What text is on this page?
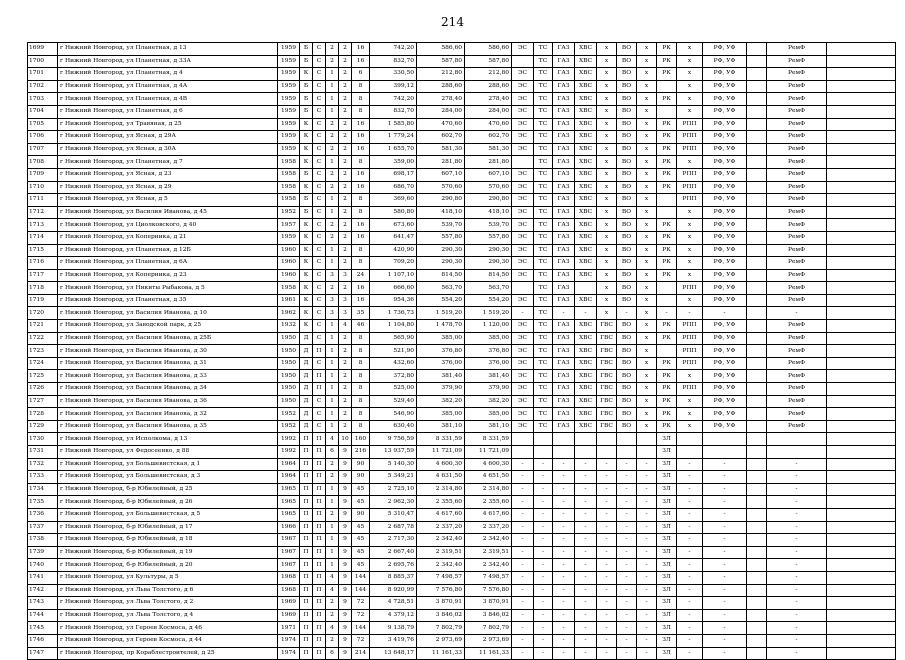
214
1699	г Нижний Новгород, ул Планетная, д 13	1959	Б	С	2	2	16	742,20	586,60	586,60	ЭС	ТС	ГАЗ	ХВС	х	ВО	х	РК	х	РФ, УФ		РемФ	
1700	г Нижний Новгород, ул Планетная, д 33А	1959	Б	С	2	2	16	832,70	587,80	587,80		ТС	ГАЗ	ХВС	х	ВО	х	РК	х	РФ, УФ		РемФ	
1701	г Нижний Новгород, ул Планетная, д 4	1959	К	С	1	2	6	330,50	212,80	212,80	ЭС	ТС	ГАЗ	ХВС	х	ВО	х	РК	х	РФ, УФ		РемФ	
1702	г Нижний Новгород, ул Планетная, д 4А	1959	Б	С	1	2	8	399,12	288,60	288,60	ЭС	ТС	ГАЗ	ХВС	х	ВО	х		х	РФ, УФ		РемФ	
1703	г Нижний Новгород, ул Планетная, д 4В	1959	Б	С	1	2	8	742,20	278,40	278,40	ЭС	ТС	ГАЗ	ХВС	х	ВО	х	РК	х	РФ, УФ		РемФ	
1704	г Нижний Новгород, ул Планетная, д 6	1959	Б	С	1	2	8	832,70	284,00	284,00	ЭС	ТС	ГАЗ	ХВС	х	ВО	х		х	РФ, УФ		РемФ	
1705	г Нижний Новгород, ул Травяная, д 25	1959	К	С	2	2	16	1 585,80	470,60	470,60	ЭС	ТС	ГАЗ	ХВС	х	ВО	х	РК	РПП	РФ, УФ		РемФ	
1706	г Нижний Новгород, ул Ясная, д 29А	1959	К	С	2	2	16	1 779,24	602,70	602,70	ЭС	ТС	ГАЗ	ХВС	х	ВО	х	РК	РПП	РФ, УФ		РемФ	
1707	г Нижний Новгород, ул Ясная, д 30А	1959	К	С	2	2	16	1 655,70	581,30	581,30	ЭС	ТС	ГАЗ	ХВС	х	ВО	х	РК	РПП	РФ, УФ		РемФ	
1708	г Нижний Новгород, ул Планетная, д 7	1958	К	С	1	2	8	359,00	281,80	281,80		ТС	ГАЗ	ХВС	х	ВО	х	РК	х	РФ, УФ		РемФ	
1709	г Нижний Новгород, ул Ясная, д 23	1958	Б	С	2	2	16	698,17	607,10	607,10	ЭС	ТС	ГАЗ	ХВС	х	ВО	х	РК	РПП	РФ, УФ		РемФ	
1710	г Нижний Новгород, ул Ясная, д 29	1958	К	С	2	2	16	686,70	570,60	570,60	ЭС	ТС	ГАЗ	ХВС	х	ВО	х	РК	РПП	РФ, УФ		РемФ	
1711	г Нижний Новгород, ул Ясная, д 5	1958	Б	С	1	2	8	369,60	290,80	290,80	ЭС	ТС	ГАЗ	ХВС	х	ВО	х		РПП	РФ, УФ		РемФ	
1712	г Нижний Новгород, ул Василия Иванова, д 45	1952	Б	С	1	2	8	580,80	418,10	418,10	ЭС	ТС	ГАЗ	ХВС	х	ВО	х		х	РФ, УФ		РемФ	
1713	г Нижний Новгород, ул Циолковского, д 40	1957	К	С	2	2	16	673,60	539,70	539,70	ЭС	ТС	ГАЗ	ХВС	х	ВО	х	РК	х	РФ, УФ		РемФ	
1714	г Нижний Новгород, ул Коперника, д 21	1959	К	С	2	2	16	641,47	557,80	557,80	ЭС	ТС	ГАЗ	ХВС	х	ВО	х	РК	х	РФ, УФ		РемФ	
1715	г Нижний Новгород, ул Планетная, д 12Б	1960	К	С	1	2	8	420,90	290,30	290,30	ЭС	ТС	ГАЗ	ХВС	х	ВО	х	РК	х	РФ, УФ		РемФ	
1716	г Нижний Новгород, ул Планетная, д 6А	1960	К	С	1	2	8	709,20	290,30	290,30	ЭС	ТС	ГАЗ	ХВС	х	ВО	х	РК	х	РФ, УФ		РемФ	
1717	г Нижний Новгород, ул Коперника, д 23	1960	К	С	3	3	24	1 107,10	814,50	814,50	ЭС	ТС	ГАЗ	ХВС	х	ВО	х	РК	х	РФ, УФ		РемФ	
1718	г Нижний Новгород, ул Никиты Рыбакова, д 5	1958	К	С	2	2	16	666,60	563,70	563,70		ТС	ГАЗ		х	ВО	х		РПП	РФ, УФ		РемФ	
1719	г Нижний Новгород, ул Планетная, д 35	1961	К	С	3	3	16	954,36	554,20	554,20	ЭС	ТС	ГАЗ	ХВС	х	ВО	х		х	РФ, УФ		РемФ	
1720	г Нижний Новгород, ул Василия Иванова, д 10	1962	К	С	3	3	35	1 736,73	1 519,20	1 519,20	-	ТС	-	-	х	-	х	-	-	-		-	
1721	г Нижний Новгород, ул Заводской парк, д 25	1932	К	С	1	4	46	1 104,80	1 478,70	1 120,00	ЭС	ТС	ГАЗ	ХВС	ГВС	ВО	х	РК	РПП	РФ, УФ		РемФ	
1722	г Нижний Новгород, ул Василия Иванова, д 25Б	1950	Д	С	1	2	8	565,90	385,00	385,00	ЭС	ТС	ГАЗ	ХВС	ГВС	ВО	х	РК	РПП	РФ, УФ		РемФ	
1723	г Нижний Новгород, ул Василия Иванова, д 30	1950	Д	П	1	2	8	521,90	376,80	376,80	ЭС	ТС	ГАЗ	ХВС	ГВС	ВО	х		РПП	РФ, УФ		РемФ	
1724	г Нижний Новгород, ул Василия Иванова, д 31	1950	Д	С	1	2	8	432,60	376,00	376,00	ЭС	ТС	ГАЗ	ХВС	ГВС	ВО	х	РК	РПП	РФ, УФ		РемФ	
1725	г Нижний Новгород, ул Василия Иванова, д 33	1950	Д	П	1	2	8	372,80	381,40	381,40	ЭС	ТС	ГАЗ	ХВС	ГВС	ВО	х	РК	х	РФ, УФ		РемФ	
1726	г Нижний Новгород, ул Василия Иванова, д 34	1950	Д	П	1	2	8	525,00	379,90	379,90	ЭС	ТС	ГАЗ	ХВС	ГВС	ВО	х	РК	РПП	РФ, УФ		РемФ	
1727	г Нижний Новгород, ул Василия Иванова, д 36	1950	Д	С	1	2	8	529,40	382,20	382,20	ЭС	ТС	ГАЗ	ХВС	ГВС	ВО	х	РК	х	РФ, УФ		РемФ	
1728	г Нижний Новгород, ул Василия Иванова, д 32	1952	Д	С	1	2	8	546,90	385,00	385,00	ЭС	ТС	ГАЗ	ХВС	ГВС	ВО	х	РК	х	РФ, УФ		РемФ	
1729	г Нижний Новгород, ул Василия Иванова, д 35	1952	Д	С	1	2	8	630,40	381,10	381,10	ЭС	ТС	ГАЗ	ХВС	ГВС	ВО	х	РК	х	РФ, УФ		РемФ	
1730	г Нижний Новгород, ул Исполкома, д 13	1992	П	П	4	10	160	9 756,59	8 331,59	8 331,59								ЗЛ					
1731	г Нижний Новгород, ул Федосеенко, д 88	1992	П	П	6	9	216	13 937,59	11 721,09	11 721,09								ЗЛ					
1732	г Нижний Новгород, ул Большевистская, д 1	1964	П	П	2	9	90	5 140,30	4 600,30	4 600,30	-	-	-	-	-	-	-	ЗЛ	-	-		-	
1733	г Нижний Новгород, ул Большевистская, д 3	1964	П	П	2	9	90	5 349,21	4 631,50	4 651,50	-	-	-	-	-	-	-	ЗЛ	-	-		-	
1734	г Нижний Новгород, б-р Юбилейный, д 25	1965	П	П	1	9	45	2 725,10	2 314,80	2 314,80	-	-	-	-	-	-	-	ЗЛ	-	-		-	
1735	г Нижний Новгород, б-р Юбилейный, д 26	1965	П	П	1	9	45	2 962,30	2 355,60	2 355,60	-	-	-	-	-	-	-	ЗЛ	-	-		-	
1736	г Нижний Новгород, ул Большевистская, д 5	1965	П	П	2	9	90	5 310,47	4 617,60	4 617,60	-	-	-	-	-	-	-	ЗЛ	-	-		-	
1737	г Нижний Новгород, б-р Юбилейный, д 17	1966	П	П	1	9	45	2 687,78	2 337,20	2 337,20	-	-	-	-	-	-	-	ЗЛ	-	-		-	
1738	г Нижний Новгород, б-р Юбилейный, д 18	1967	П	П	1	9	45	2 717,30	2 342,40	2 342,40	-	-	-	-	-	-	-	ЗЛ	-	-		-	
1739	г Нижний Новгород, б-р Юбилейный, д 19	1967	П	П	1	9	45	2 667,40	2 319,51	2 319,51	-	-	-	-	-	-	-	ЗЛ	-	-		-	
1740	г Нижний Новгород, б-р Юбилейный, д 20	1967	П	П	1	9	45	2 695,76	2 342,40	2 342,40	-	-	-	-	-	-	-	ЗЛ	-	-		-	
1741	г Нижний Новгород, ул Культуры, д 5	1968	П	П	4	9	144	8 885,37	7 498,57	7 498,57	-	-	-	-	-	-	-	ЗЛ	-	-		-	
1742	г Нижний Новгород, ул Льва Толстого, д 6	1968	П	П	4	9	144	8 920,99	7 576,80	7 576,80	-	-	-	-	-	-	-	ЗЛ	-	-		-	
1743	г Нижний Новгород, ул Льва Толстого, д 2	1969	П	П	2	9	72	4 728,51	3 870,91	3 870,91	-	-	-	-	-	-	-	ЗЛ	-	-		-	
1744	г Нижний Новгород, ул Льва Толстого, д 4	1969	П	П	2	9	72	4 379,12	3 846,02	3 846,02	-	-	-	-	-	-	-	ЗЛ	-	-		-	
1745	г Нижний Новгород, ул Героев Космоса, д 46	1971	П	П	4	9	144	9 138,79	7 802,79	7 802,79	-	-	-	-	-	-	-	ЗЛ	-	-		-	
1746	г Нижний Новгород, ул Героев Космоса, д 44	1974	П	П	2	9	72	3 419,76	2 973,69	2 973,69	-	-	-	-	-	-	-	ЗЛ	-	-		-	
1747	г Нижний Новгород, пр Кораблестроителей, д 25	1974	П	П	6	9	214	13 648,17	11 161,33	11 161,33	-	-	-	-	-	-	-	ЗЛ	-	-		-	
